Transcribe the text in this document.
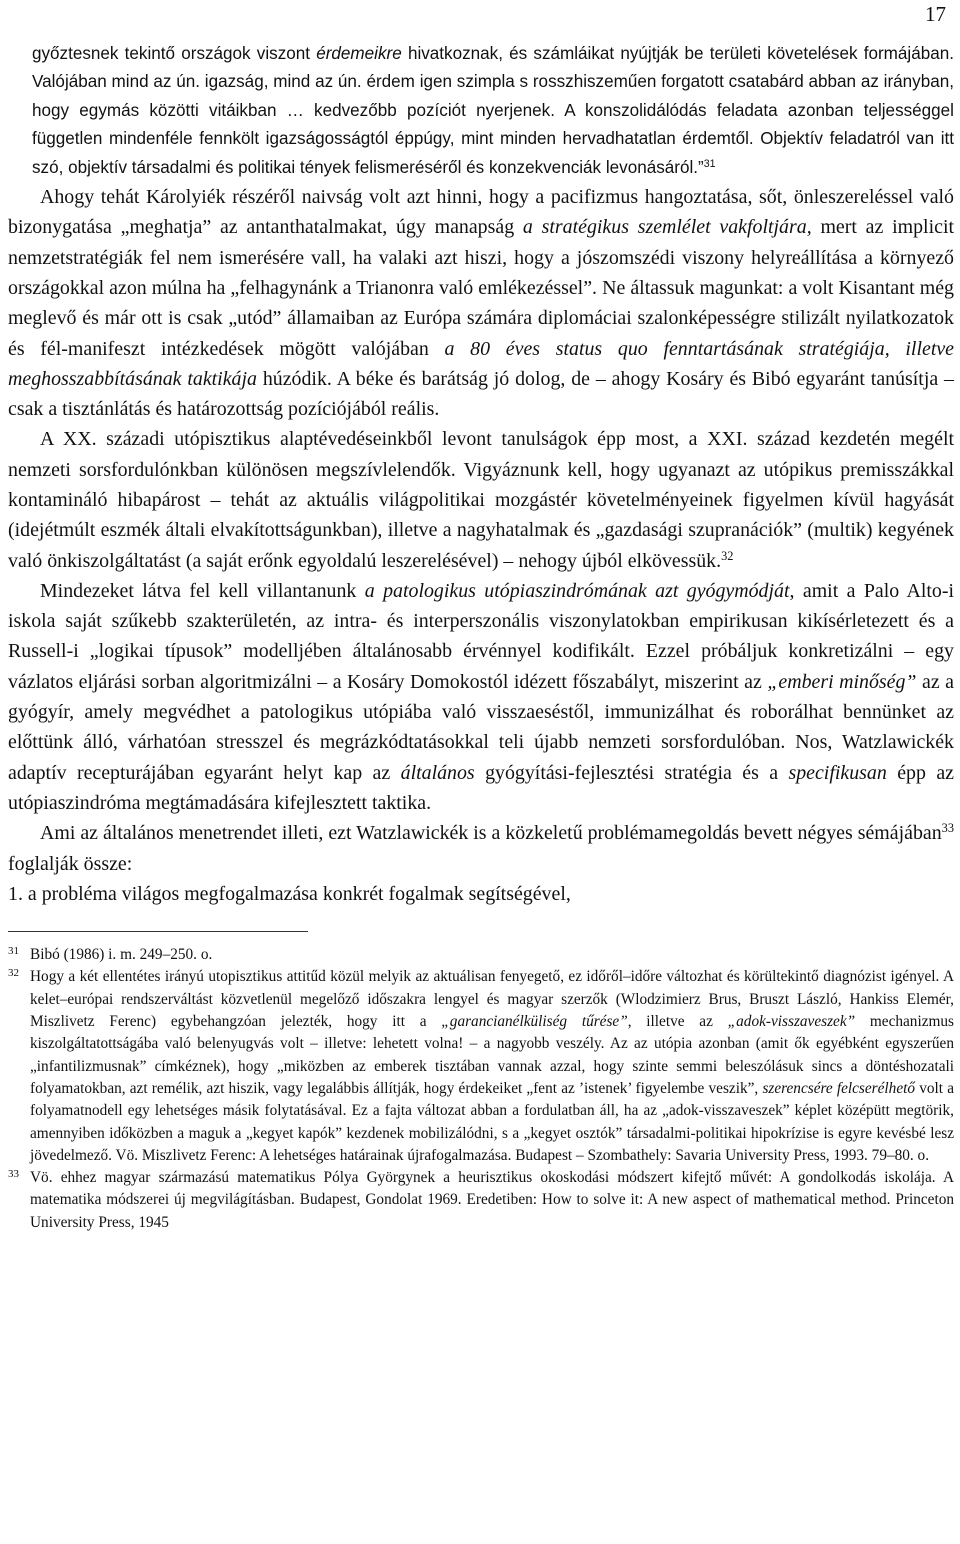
17

győztesnek tekintő országok viszont érdemeikre hivatkoznak, és számláikat nyújtják be területi követelések formájában. Valójában mind az ún. igazság, mind az ún. érdem igen szimpla s rosszhiszeműen forgatott csatabárd abban az irányban, hogy egymás közötti vitáikban … kedvezőbb pozíciót nyerjenek. A konszolidálódás feladata azonban teljességgel független mindenféle fennkölt igazságosságtól éppúgy, mint minden hervadhatatlan érdemtől. Objektív feladatról van itt szó, objektív társadalmi és politikai tények felismeréséről és konzekvenciák levonásáról.”$^{31}$

Ahogy tehát Károlyiék részéről naivság volt azt hinni, hogy a pacifizmus hangoztatása, sőt, önleszereléssel való bizonygatása „meghatja” az antanthatalmakat, úgy manapság a stratégikus szemlélet vakfoltjára, mert az implicit nemzetstratégiák fel nem ismerésére vall, ha valaki azt hiszi, hogy a jószomszédi viszony helyreállítása a környező országokkal azon múlna ha „felhagynánk a Trianonra való emlékezéssel”. Ne áltassuk magunkat: a volt Kisantant még meglevő és már ott is csak „utód” államaiban az Európa számára diplomáciai szalonképességre stilizált nyilatkozatok és fél-manifeszt intézkedések mögött valójában a 80 éves status quo fenntartásának stratégiája, illetve meghosszabbításának taktikája húzódik. A béke és barátság jó dolog, de – ahogy Kosáry és Bibó egyaránt tanúsítja – csak a tisztánlátás és határozottság pozíciójából reális.

A XX. századi utópisztikus alaptévedéseinkből levont tanulságok épp most, a XXI. század kezdetén megélt nemzeti sorsfordulónkban különösen megszívlelendők. Vigyáznunk kell, hogy ugyanazt az utópikus premisszákkal kontamináló hibapárost – tehát az aktuális világpolitikai mozgástér követelményeinek figyelmen kívül hagyását (idejétmúlt eszmék általi elvakítottságunkban), illetve a nagyhatalmak és „gazdasági szupranációk” (multik) kegyének való önkiszolgáltatást (a saját erőnk egyoldalú leszerelésével) – nehogy újból elkövessük.$^{32}$

Mindezeket látva fel kell villantanunk a patologikus utópiaszindrómának azt gyógymódját, amit a Palo Alto-i iskola saját szűkebb szakterületén, az intra- és interperszonális viszonylatokban empirikusan kikísérletezett és a Russell-i „logikai típusok” modelljében általánosabb érvénnyel kodifikált. Ezzel próbáljuk konkretizálni – egy vázlatos eljárási sorban algoritmizálni – a Kosáry Domokostól idézett főszabályt, miszerint az „emberi minőség” az a gyógyír, amely megvédhet a patologikus utópiába való visszaeséstől, immunizálhat és roborálhat bennünket az előttünk álló, várhatóan stresszel és megrázkódtatásokkal teli újabb nemzeti sorsfordulóban. Nos, Watzlawickék adaptív recepturájában egyaránt helyt kap az általános gyógyítási-fejlesztési stratégia és a specifikusan épp az utópiaszindróma megtámadására kifejlesztett taktika.

Ami az általános menetrendet illeti, ezt Watzlawickék is a közkeletű problémamegoldás bevett négyes sémájában$^{33}$ foglalják össze:

1. a probléma világos megfogalmazása konkrét fogalmak segítségével,

31 Bibó (1986) i. m. 249–250. o.

32 Hogy a két ellentétes irányú utopisztikus attitűd közül melyik az aktuálisan fenyegető, ez időről–időre változhat és körültekintő diagnózist igényel. A kelet–európai rendszerváltást közvetlenül megelőző időszakra lengyel és magyar szerzők (Wlodzimierz Brus, Bruszt László, Hankiss Elemér, Miszlivetz Ferenc) egybehangzóan jelezték, hogy itt a „garancianélküliség tűrése”, illetve az „adok-visszaveszek” mechanizmus kiszolgáltatottságába való belenyugvás volt – illetve: lehetett volna! – a nagyobb veszély. Az az utópia azonban (amit ők egyébként egyszerűen „infantilizmusnak” címkéznek), hogy „miközben az emberek tisztában vannak azzal, hogy szinte semmi beleszólásuk sincs a döntéshozatali folyamatokban, azt remélik, azt hiszik, vagy legalábbis állítják, hogy érdekeiket „fent az ’istenek’ figyelembe veszik”, szerencsére felcserélhető volt a folyamatnodell egy lehetséges másik folytatásával. Ez a fajta változat abban a fordulatban áll, ha az „adok-visszaveszek” képlet középütt megtörik, amennyiben időközben a maguk a „kegyet kapók” kezdenek mobilizálódni, s a „kegyet osztók” társadalmi-politikai hipokrízise is egyre kevésbé lesz jövedelmező. Vö. Miszlivetz Ferenc: A lehetséges határainak újrafogalmazása. Budapest – Szombathely: Savaria University Press, 1993. 79–80. o.

33 Vö. ehhez magyar származású matematikus Pólya Györgynek a heurisztikus okoskodási módszert kifejtő művét: A gondolkodás iskolája. A matematika módszerei új megvilágításban. Budapest, Gondolat 1969. Eredetiben: How to solve it: A new aspect of mathematical method. Princeton University Press, 1945
